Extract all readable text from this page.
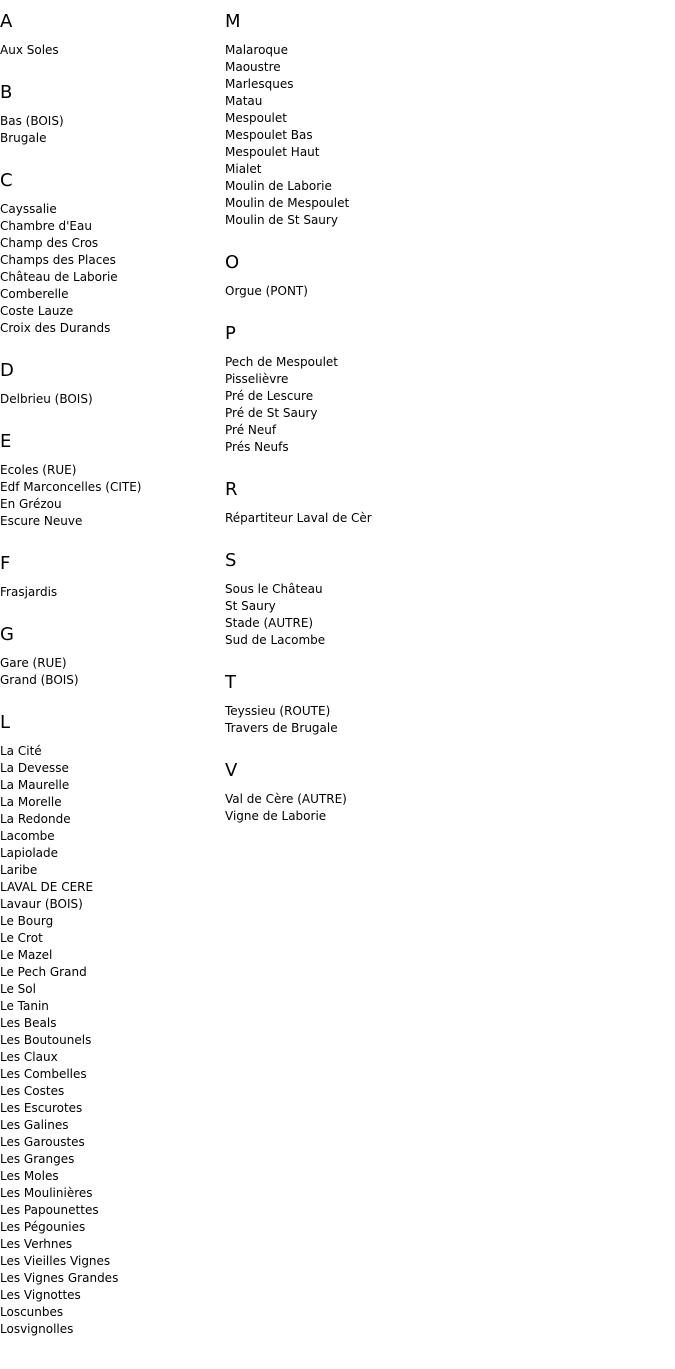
A
Aux Soles
B
Bas (BOIS)
Brugale
C
Cayssalie
Chambre d'Eau
Champ des Cros
Champs des Places
Château de Laborie
Comberelle
Coste Lauze
Croix des Durands
D
Delbrieu (BOIS)
E
Ecoles (RUE)
Edf Marconcelles (CITE)
En Grézou
Escure Neuve
F
Frasjardis
G
Gare (RUE)
Grand (BOIS)
L
La Cité
La Devesse
La Maurelle
La Morelle
La Redonde
Lacombe
Lapiolade
Laribe
LAVAL DE CERE
Lavaur (BOIS)
Le Bourg
Le Crot
Le Mazel
Le Pech Grand
Le Sol
Le Tanin
Les Beals
Les Boutounels
Les Claux
Les Combelles
Les Costes
Les Escurotes
Les Galines
Les Garoustes
Les Granges
Les Moles
Les Moulinières
Les Papounettes
Les Pégounies
Les Verhnes
Les Vieilles Vignes
Les Vignes Grandes
Les Vignottes
Loscunbes
Losvignolles
M
Malaroque
Maoustre
Marlesques
Matau
Mespoulet
Mespoulet Bas
Mespoulet Haut
Mialet
Moulin de Laborie
Moulin de Mespoulet
Moulin de St Saury
O
Orgue (PONT)
P
Pech de Mespoulet
Pisselièvre
Pré de Lescure
Pré de St Saury
Pré Neuf
Prés Neufs
R
Répartiteur Laval de Cèr
S
Sous le Château
St Saury
Stade (AUTRE)
Sud de Lacombe
T
Teyssieu (ROUTE)
Travers de Brugale
V
Val de Cère (AUTRE)
Vigne de Laborie
